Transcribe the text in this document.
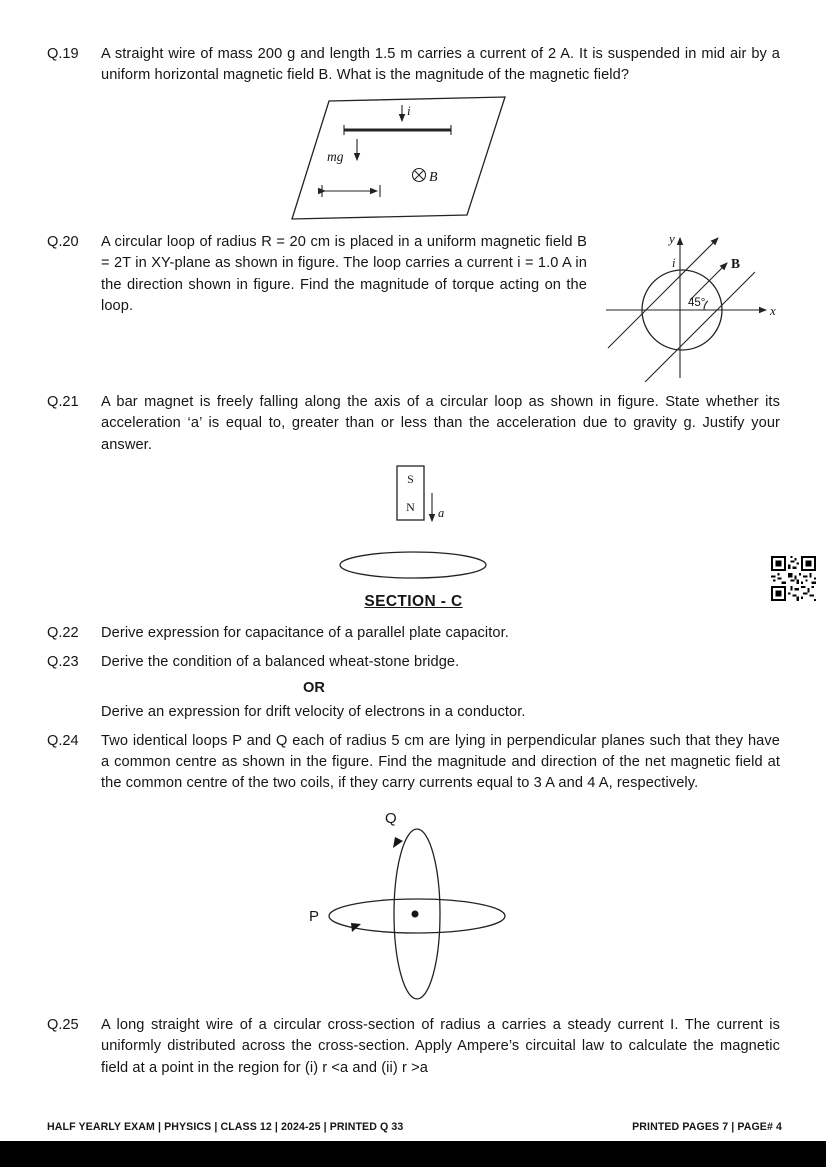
Q.19	A straight wire of mass 200 g and length 1.5 m carries a current of 2 A. It is suspended in mid air by a uniform horizontal magnetic field B. What is the magnitude of the magnetic field?
i
mg
B
Q.20	A circular loop of radius R = 20 cm is placed in a uniform magnetic field B = 2T in XY-plane as shown in figure. The loop carries a current i = 1.0 A in the direction shown in figure. Find the magnitude of torque acting on the loop.
y
x
B
i
45°
Q.21	A bar magnet is freely falling along the axis of a circular loop as shown in figure. State whether its acceleration ‘a’ is equal to, greater than or less than the acceleration due to gravity g. Justify your answer.
S
N a
SECTION - C
Q.22	Derive expression for capacitance of a parallel plate capacitor.
Q.23	Derive the condition of a balanced wheat-stone bridge.
OR
Derive an expression for drift velocity of electrons in a conductor.
Q.24	Two identical loops P and Q each of radius 5 cm are lying in perpendicular planes such that they have a common centre as shown in the figure. Find the magnitude and direction of the net magnetic field at the common centre of the two coils, if they carry currents equal to 3 A and 4 A, respectively.
Q
P
Q.25	A long straight wire of a circular cross-section of radius a carries a steady current I. The current is uniformly distributed across the cross-section. Apply Ampere’s circuital law to calculate the magnetic field at a point in the region for (i) r <a and (ii) r >a
HALF YEARLY EXAM | PHYSICS | CLASS 12 | 2024-25 | PRINTED Q 33	PRINTED PAGES 7 | PAGE# 4
